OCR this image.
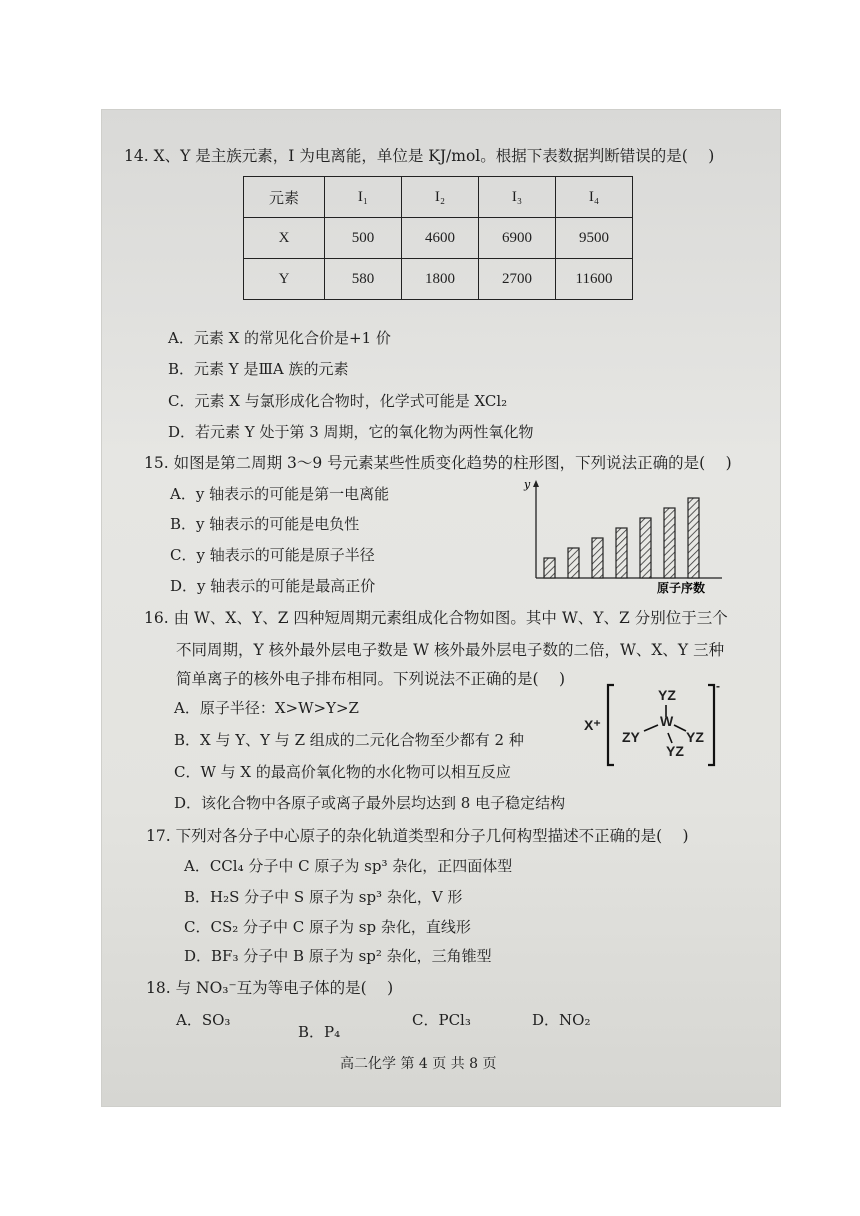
14. X、Y 是主族元素，I 为电离能，单位是 KJ/mol。根据下表数据判断错误的是(　 )
元素	I₁	I₂	I₃	I₄
X	500	4600	6900	9500
Y	580	1800	2700	11600
A．元素 X 的常见化合价是+1 价
B．元素 Y 是ⅢA 族的元素
C．元素 X 与氯形成化合物时，化学式可能是 XCl₂
D．若元素 Y 处于第 3 周期，它的氧化物为两性氧化物
15. 如图是第二周期 3～9 号元素某些性质变化趋势的柱形图，下列说法正确的是(　 )
A．y 轴表示的可能是第一电离能
B．y 轴表示的可能是电负性
C．y 轴表示的可能是原子半径
D．y 轴表示的可能是最高正价
y
原子序数
16. 由 W、X、Y、Z 四种短周期元素组成化合物如图。其中 W、Y、Z 分别位于三个
不同周期，Y 核外最外层电子数是 W 核外最外层电子数的二倍，W、X、Y 三种
简单离子的核外电子排布相同。下列说法不正确的是(　 )
A．原子半径：X>W>Y>Z
B．X 与 Y、Y 与 Z 组成的二元化合物至少都有 2 种
C．W 与 X 的最高价氧化物的水化物可以相互反应
D．该化合物中各原子或离子最外层均达到 8 电子稳定结构
X⁺
YZ
W
ZY	YZ
YZ
-
17. 下列对各分子中心原子的杂化轨道类型和分子几何构型描述不正确的是(　 )
A．CCl₄ 分子中 C 原子为 sp³ 杂化，正四面体型
B．H₂S 分子中 S 原子为 sp³ 杂化，V 形
C．CS₂ 分子中 C 原子为 sp 杂化，直线形
D．BF₃ 分子中 B 原子为 sp² 杂化，三角锥型
18. 与 NO₃⁻互为等电子体的是(　 )
A．SO₃
B．P₄
C．PCl₃	D．NO₂
高二化学 第 4 页 共 8 页
